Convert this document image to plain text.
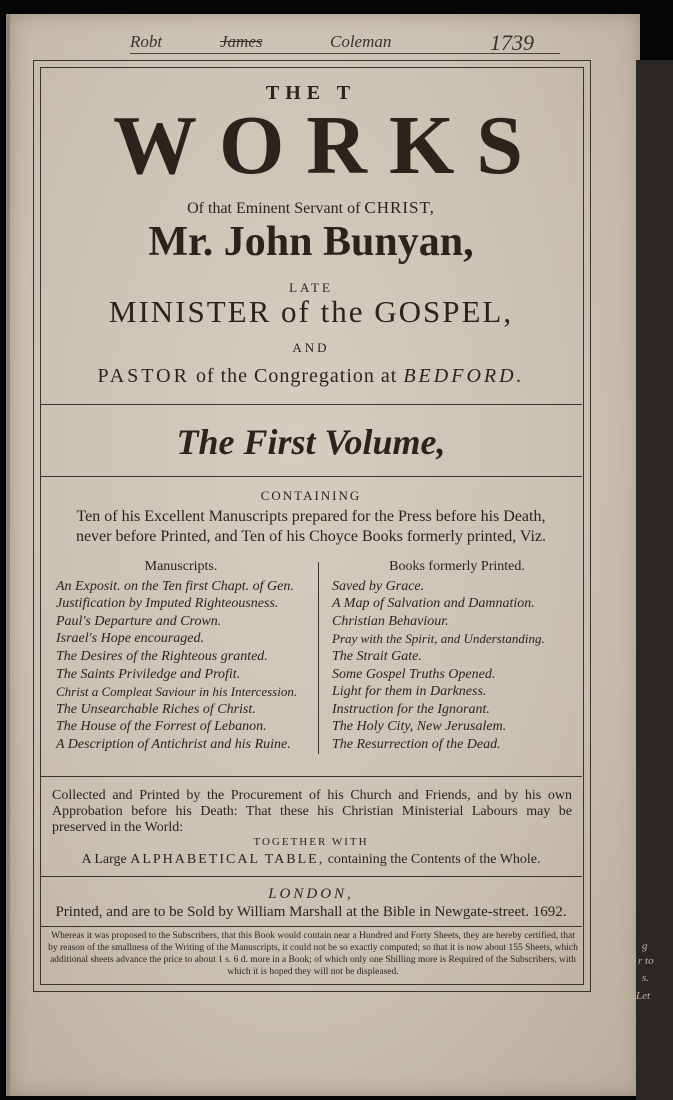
g
r to
s.
Let
Robt	James	Coleman	1739
THE T
WORKS
Of that Eminent Servant of CHRIST,
Mr. John Bunyan,
LATE
MINISTER of the GOSPEL,
AND
PASTOR of the Congregation at BEDFORD.
The First Volume,
CONTAINING
Ten of his Excellent Manuscripts prepared for the Press before his Death,
never before Printed, and Ten of his Choyce Books formerly printed, Viz.
Manuscripts.
An Exposit. on the Ten first Chapt. of Gen.
Justification by Imputed Righteousness.
Paul's Departure and Crown.
Israel's Hope encouraged.
The Desires of the Righteous granted.
The Saints Priviledge and Profit.
Christ a Compleat Saviour in his Intercession.
The Unsearchable Riches of Christ.
The House of the Forrest of Lebanon.
A Description of Antichrist and his Ruine.
Books formerly Printed.
Saved by Grace.
A Map of Salvation and Damnation.
Christian Behaviour.
Pray with the Spirit, and Understanding.
The Strait Gate.
Some Gospel Truths Opened.
Light for them in Darkness.
Instruction for the Ignorant.
The Holy City, New Jerusalem.
The Resurrection of the Dead.
Collected and Printed by the Procurement of his Church and Friends, and by his own Approbation before his Death: That these his Christian Ministerial Labours may be preserved in the World:
TOGETHER WITH
A Large ALPHABETICAL TABLE, containing the Contents of the Whole.
LONDON,
Printed, and are to be Sold by William Marshall at the Bible in Newgate-street. 1692.
Whereas it was proposed to the Subscribers, that this Book would contain near a Hundred and Forty Sheets, they are hereby certified, that by reason of the smallness of the Writing of the Manuscripts, it could not be so exactly computed; so that it is now about 155 Sheets, which additional sheets advance the price to about 1 s. 6 d. more in a Book; of which only one Shilling more is Required of the Subscribers, with which it is hoped they will not be displeased.
